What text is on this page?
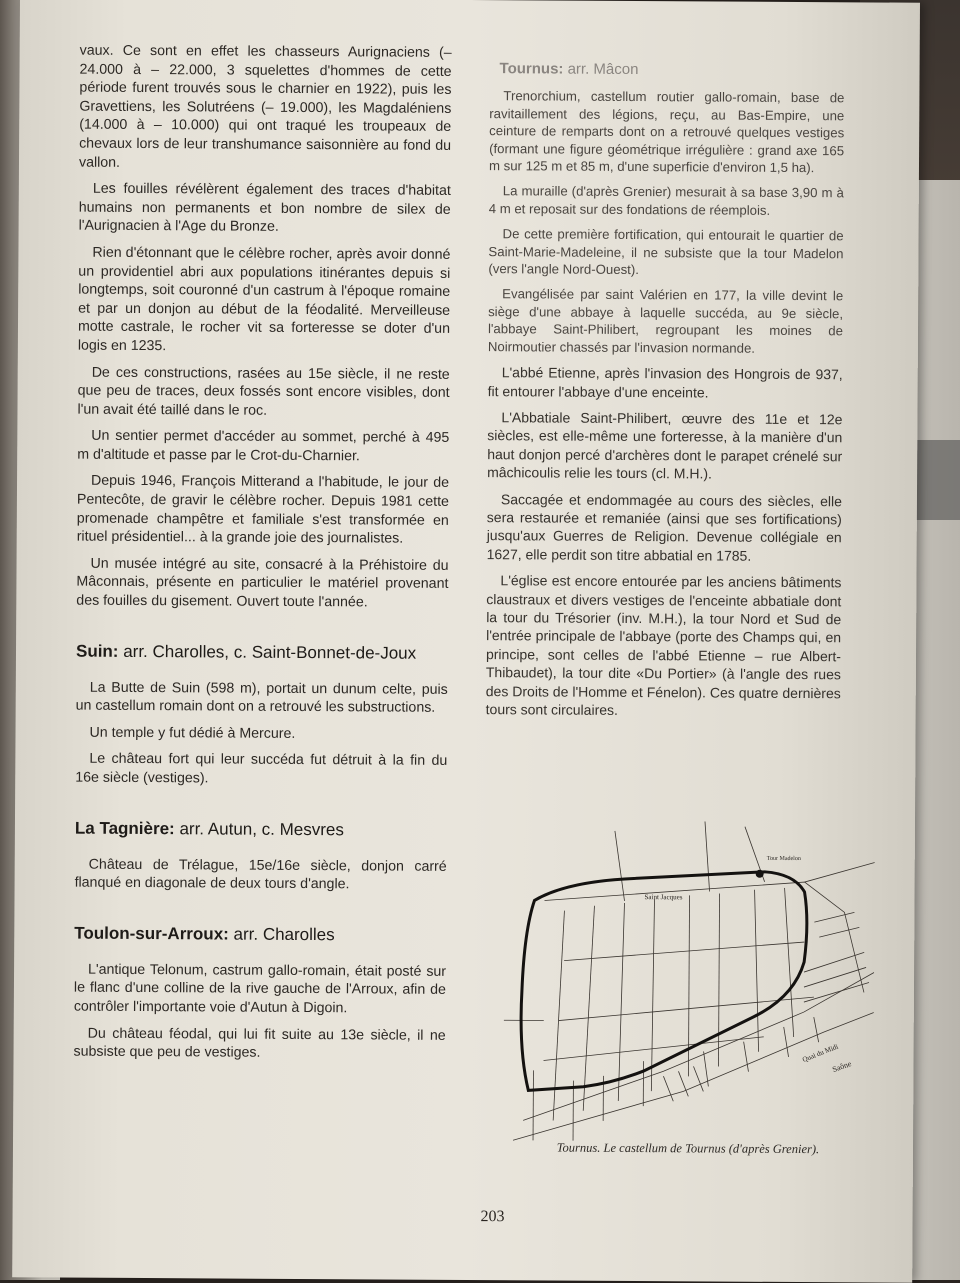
vaux. Ce sont en effet les chasseurs Aurignaciens (– 24.000 à – 22.000, 3 squelettes d'hommes de cette période furent trouvés sous le charnier en 1922), puis les Gravettiens, les Solutréens (– 19.000), les Magdaléniens (14.000 à – 10.000) qui ont traqué les troupeaux de chevaux lors de leur transhumance saisonnière au fond du vallon.

Les fouilles révélèrent également des traces d'habitat humains non permanents et bon nombre de silex de l'Aurignacien à l'Age du Bronze.

Rien d'étonnant que le célèbre rocher, après avoir donné un providentiel abri aux populations itinérantes depuis si longtemps, soit couronné d'un castrum à l'époque romaine et par un donjon au début de la féodalité. Merveilleuse motte castrale, le rocher vit sa forteresse se doter d'un logis en 1235.

De ces constructions, rasées au 15e siècle, il ne reste que peu de traces, deux fossés sont encore visibles, dont l'un avait été taillé dans le roc.

Un sentier permet d'accéder au sommet, perché à 495 m d'altitude et passe par le Crot-du-Charnier.

Depuis 1946, François Mitterand a l'habitude, le jour de Pentecôte, de gravir le célèbre rocher. Depuis 1981 cette promenade champêtre et familiale s'est transformée en rituel présidentiel... à la grande joie des journalistes.

Un musée intégré au site, consacré à la Préhistoire du Mâconnais, présente en particulier le matériel provenant des fouilles du gisement. Ouvert toute l'année.

Suin: arr. Charolles, c. Saint-Bonnet-de-Joux

La Butte de Suin (598 m), portait un dunum celte, puis un castellum romain dont on a retrouvé les substructions.

Un temple y fut dédié à Mercure.

Le château fort qui leur succéda fut détruit à la fin du 16e siècle (vestiges).

La Tagnière: arr. Autun, c. Mesvres

Château de Trélague, 15e/16e siècle, donjon carré flanqué en diagonale de deux tours d'angle.

Toulon-sur-Arroux: arr. Charolles

L'antique Telonum, castrum gallo-romain, était posté sur le flanc d'une colline de la rive gauche de l'Arroux, afin de contrôler l'importante voie d'Autun à Digoin.

Du château féodal, qui lui fit suite au 13e siècle, il ne subsiste que peu de vestiges.

Tournus: arr. Mâcon

Trenorchium, castellum routier gallo-romain, base de ravitaillement des légions, reçu, au Bas-Empire, une ceinture de remparts dont on a retrouvé quelques vestiges (formant une figure géométrique irrégulière : grand axe 165 m sur 125 m et 85 m, d'une superficie d'environ 1,5 ha).

La muraille (d'après Grenier) mesurait à sa base 3,90 m à 4 m et reposait sur des fondations de réemplois.

De cette première fortification, qui entourait le quartier de Saint-Marie-Madeleine, il ne subsiste que la tour Madelon (vers l'angle Nord-Ouest).

Evangélisée par saint Valérien en 177, la ville devint le siège d'une abbaye à laquelle succéda, au 9e siècle, l'abbaye Saint-Philibert, regroupant les moines de Noirmoutier chassés par l'invasion normande.

L'abbé Etienne, après l'invasion des Hongrois de 937, fit entourer l'abbaye d'une enceinte.

L'Abbatiale Saint-Philibert, œuvre des 11e et 12e siècles, est elle-même une forteresse, à la manière d'un haut donjon percé d'archères dont le parapet crénelé sur mâchicoulis relie les tours (cl. M.H.).

Saccagée et endommagée au cours des siècles, elle sera restaurée et remaniée (ainsi que ses fortifications) jusqu'aux Guerres de Religion. Devenue collégiale en 1627, elle perdit son titre abbatial en 1785.

L'église est encore entourée par les anciens bâtiments claustraux et divers vestiges de l'enceinte abbatiale dont la tour du Trésorier (inv. M.H.), la tour Nord et Sud de l'entrée principale de l'abbaye (porte des Champs qui, en principe, sont celles de l'abbé Etienne – rue Albert-Thibaudet), la tour dite «Du Portier» (à l'angle des rues des Droits de l'Homme et Fénelon). Ces quatre dernières tours sont circulaires.

Saint Jacques
Tour Madelon
Quai du Midi
Saône
Tournus. Le castellum de Tournus (d'après Grenier).
203
